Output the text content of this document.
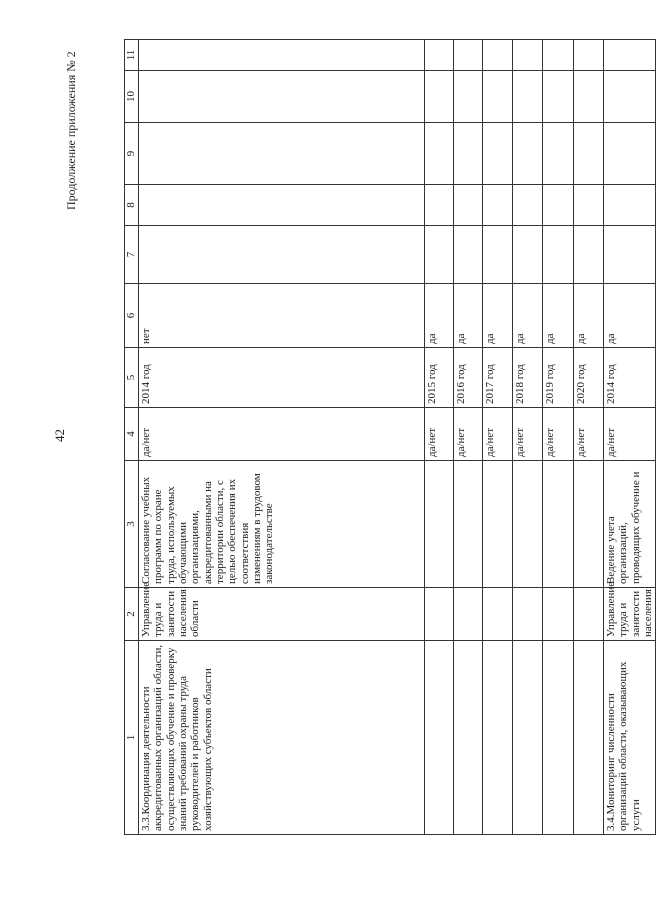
42
Продолжение приложения № 2
1	2	3	4	5	6	7	8	9	10	11
3.3.Координация деятельности аккредитованных организаций области, осуществляющих обучение и проверку знаний требований охраны труда руководителей и работников хозяйствующих субъектов области	Управление труда и занятости населения области	Согласование учебных программ по охране труда, используемых обучающими организациями, аккредитованными на территории области, с целью обеспечения их соответствия изменениям в трудовом законодательстве	да/нет	2014 год	нет					
			да/нет	2015 год	да					
			да/нет	2016 год	да					
			да/нет	2017 год	да					
			да/нет	2018 год	да					
			да/нет	2019 год	да					
			да/нет	2020 год	да					
3.4.Мониторинг численности организаций области, оказывающих услуги	Управление труда и занятости населения	Ведение учета организаций, проводящих обучение и	да/нет	2014 год	да					
